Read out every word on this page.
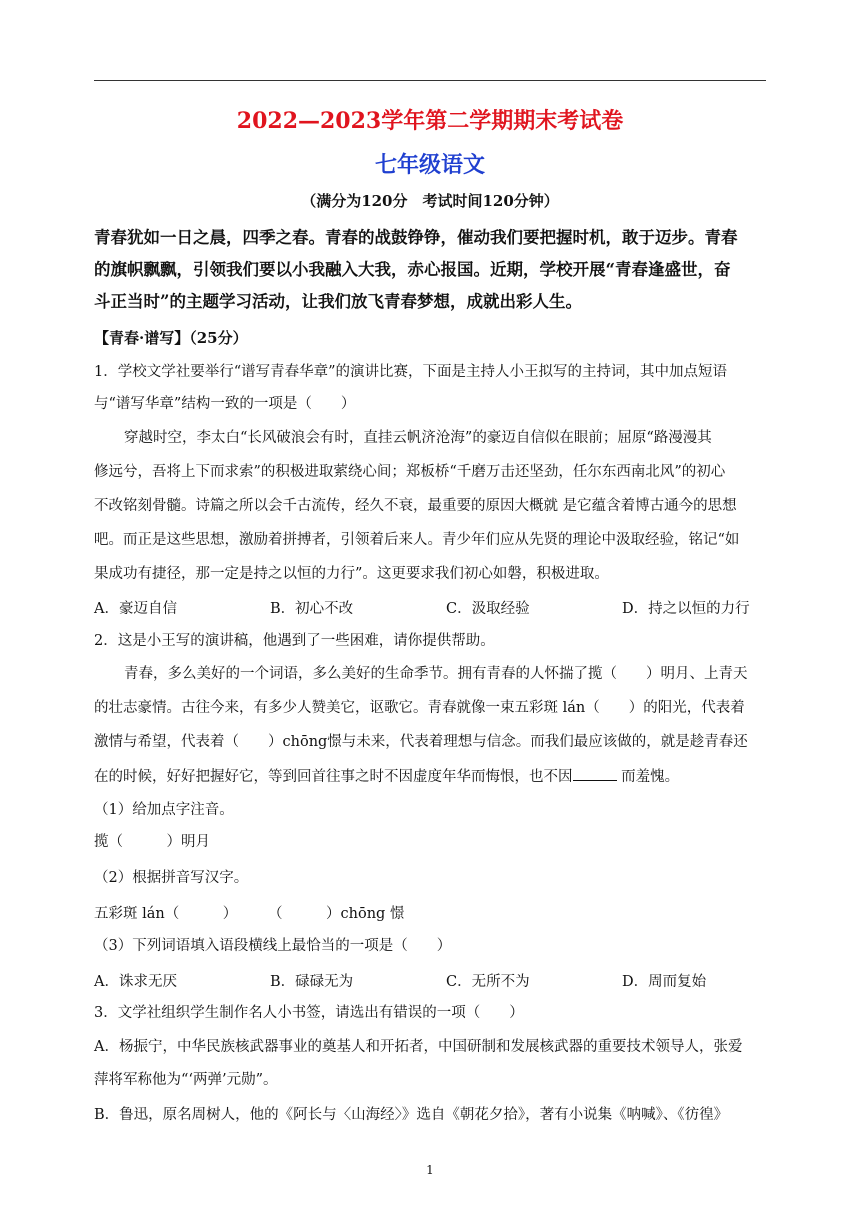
2022—2023学年第二学期期末考试卷
七年级语文
（满分为120分　考试时间120分钟）
青春犹如一日之晨，四季之春。青春的战鼓铮铮，催动我们要把握时机，敢于迈步。青春
的旗帜飘飘，引领我们要以小我融入大我，赤心报国。近期，学校开展“青春逢盛世，奋
斗正当时”的主题学习活动，让我们放飞青春梦想，成就出彩人生。
【青春·谱写】（25分）
1．学校文学社要举行“谱写青春华章”的演讲比赛，下面是主持人小王拟写的主持词，其中加点短语
与“谱写华章”结构一致的一项是（　　）
穿越时空，李太白“长风破浪会有时，直挂云帆济沧海”的豪迈自信似在眼前；屈原“路漫漫其
修远兮，吾将上下而求索”的积极进取萦绕心间；郑板桥“千磨万击还坚劲，任尔东西南北风”的初心
不改铭刻骨髓。诗篇之所以会千古流传，经久不衰，最重要的原因大概就 是它蕴含着博古通今的思想
吧。而正是这些思想，激励着拼搏者，引领着后来人。青少年们应从先贤的理论中汲取经验，铭记“如
果成功有捷径，那一定是持之以恒的力行”。这更要求我们初心如磐，积极进取。
A．豪迈自信	B．初心不改	C．汲取经验	D．持之以恒的力行
2．这是小王写的演讲稿，他遇到了一些困难，请你提供帮助。
青春，多么美好的一个词语，多么美好的生命季节。拥有青春的人怀揣了揽（　　）明月、上青天
的壮志豪情。古往今来，有多少人赞美它，讴歌它。青春就像一束五彩斑 lán（　　）的阳光，代表着
激情与希望，代表着（　　）chōng憬与未来，代表着理想与信念。而我们最应该做的，就是趁青春还
在的时候，好好把握好它，等到回首往事之时不因虚度年华而悔恨，也不因	而羞愧。
（1）给加点字注音。
揽（　　　）明月
（2）根据拼音写汉字。
五彩斑 lán（　　　） （　　　）chōng 憬
（3）下列词语填入语段横线上最恰当的一项是（　　）
A．诛求无厌	B．碌碌无为	C．无所不为	D．周而复始
3．文学社组织学生制作名人小书签，请选出有错误的一项（　　）
A．杨振宁，中华民族核武器事业的奠基人和开拓者，中国研制和发展核武器的重要技术领导人，张爱
萍将军称他为“‘两弹’元勋”。
B．鲁迅，原名周树人，他的《阿长与〈山海经〉》选自《朝花夕拾》，著有小说集《呐喊》、《彷徨》
1
